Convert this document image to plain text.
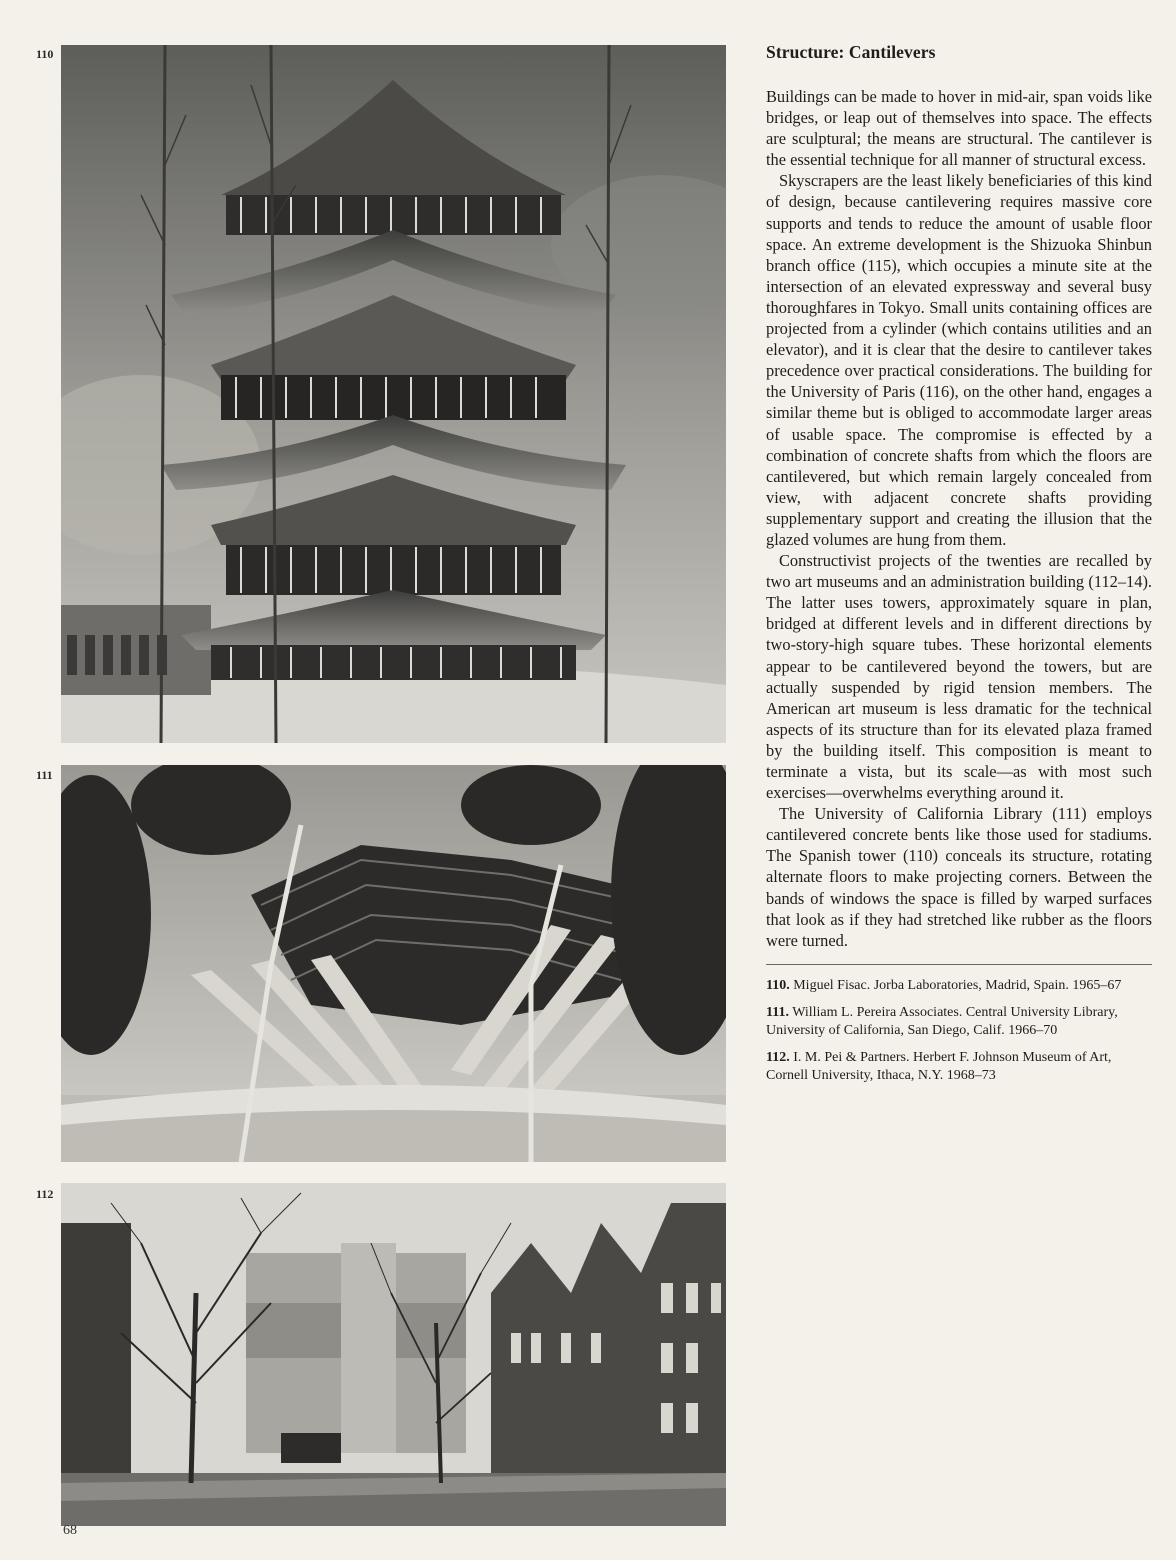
110
111
112
Structure: Cantilevers

Buildings can be made to hover in mid-air, span voids like bridges, or leap out of themselves into space. The effects are sculptural; the means are structural. The cantilever is the essential technique for all manner of structural excess.

Skyscrapers are the least likely beneficiaries of this kind of design, because cantilevering requires massive core supports and tends to reduce the amount of usable floor space. An extreme development is the Shizuoka Shinbun branch office (115), which occupies a minute site at the intersection of an elevated expressway and several busy thoroughfares in Tokyo. Small units containing offices are projected from a cylinder (which contains utilities and an elevator), and it is clear that the desire to cantilever takes precedence over practical considerations. The building for the University of Paris (116), on the other hand, engages a similar theme but is obliged to accommodate larger areas of usable space. The compromise is effected by a combination of concrete shafts from which the floors are cantilevered, but which remain largely concealed from view, with adjacent concrete shafts providing supplementary support and creating the illusion that the glazed volumes are hung from them.

Constructivist projects of the twenties are recalled by two art museums and an administration building (112–14). The latter uses towers, approximately square in plan, bridged at different levels and in different directions by two-story-high square tubes. These horizontal elements appear to be cantilevered beyond the towers, but are actually suspended by rigid tension members. The American art museum is less dramatic for the technical aspects of its structure than for its elevated plaza framed by the building itself. This composition is meant to terminate a vista, but its scale—as with most such exercises—overwhelms everything around it.

The University of California Library (111) employs cantilevered concrete bents like those used for stadiums. The Spanish tower (110) conceals its structure, rotating alternate floors to make projecting corners. Between the bands of windows the space is filled by warped surfaces that look as if they had stretched like rubber as the floors were turned.

110. Miguel Fisac. Jorba Laboratories, Madrid, Spain. 1965–67

111. William L. Pereira Associates. Central University Library, University of California, San Diego, Calif. 1966–70

112. I. M. Pei & Partners. Herbert F. Johnson Museum of Art, Cornell University, Ithaca, N.Y. 1968–73

68
